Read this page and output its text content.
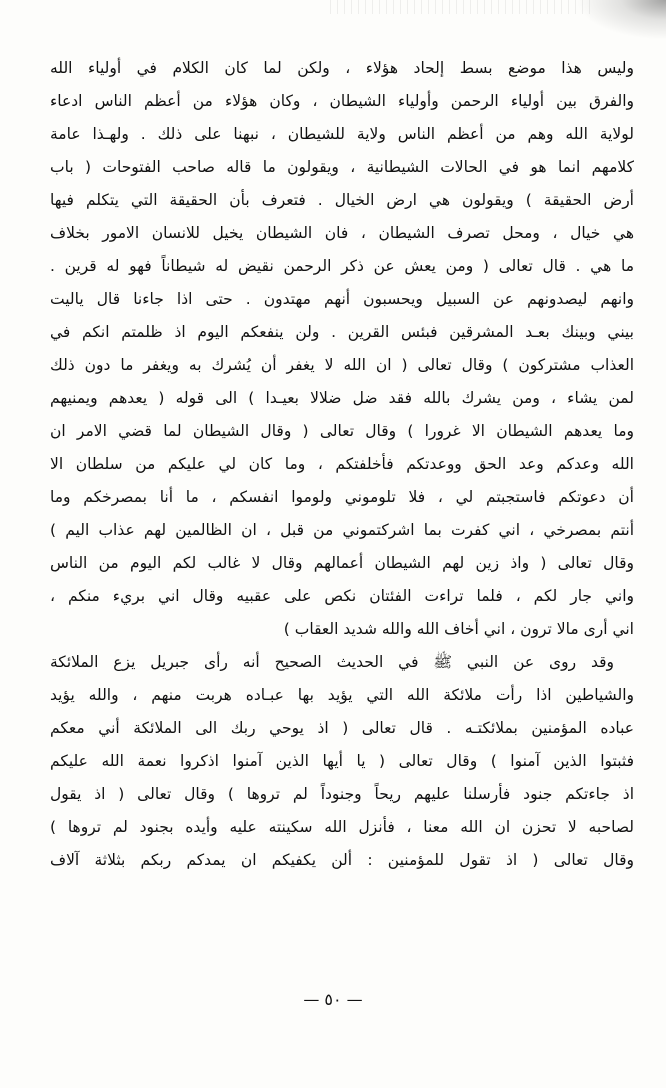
وليس هذا موضع بسط إلحاد هؤلاء ، ولكن لما كان الكلام في أولياء الله
والفرق بين أولياء الرحمن وأولياء الشيطان ، وكان هؤلاء من أعظم الناس ادعاء
لولاية الله وهم من أعظم الناس ولاية للشيطان ، نبهنا على ذلك . ولهـذا عامة
كلامهم انما هو في الحالات الشيطانية ، ويقولون ما قاله صاحب الفتوحات ( باب
أرض الحقيقة ) ويقولون هي ارض الخيال . فتعرف بأن الحقيقة التي يتكلم فيها
هي خيال ، ومحل تصرف الشيطان ، فان الشيطان يخيل للانسان الامور بخلاف
ما هي . قال تعالى ( ومن يعش عن ذكر الرحمن نقيض له شيطاناً فهو له قرين .
وانهم ليصدونهم عن السبيل ويحسبون أنهم مهتدون . حتى اذا جاءنا قال ياليت
بيني وبينك بعـد المشرقين فبئس القرين . ولن ينفعكم اليوم اذ ظلمتم انكم في
العذاب مشتركون ) وقال تعالى ( ان الله لا يغفر أن يُشرك به ويغفر ما دون ذلك
لمن يشاء ، ومن يشرك بالله فقد ضل ضلالا بعيـدا ) الى قوله ( يعدهم ويمنيهم
وما يعدهم الشيطان الا غرورا ) وقال تعالى ( وقال الشيطان لما قضي الامر ان
الله وعدكم وعد الحق ووعدتكم فأخلفتكم ، وما كان لي عليكم من سلطان الا
أن دعوتكم فاستجبتم لي ، فلا تلوموني ولوموا انفسكم ، ما أنا بمصرخكم وما
أنتم بمصرخي ، اني كفرت بما اشركتموني من قبل ، ان الظالمين لهم عذاب اليم )
وقال تعالى ( واذ زين لهم الشيطان أعمالهم وقال لا غالب لكم اليوم من الناس
واني جار لكم ، فلما تراءت الفئتان نكص على عقبيه وقال اني بريء منكم ،
اني أرى مالا ترون ، اني أخاف الله والله شديد العقاب )
وقد روى عن النبي ﷺ في الحديث الصحيح أنه رأى جبريل يزع الملائكة
والشياطين اذا رأت ملائكة الله التي يؤيد بها عبـاده هربت منهم ، والله يؤيد
عباده المؤمنين بملائكتـه . قال تعالى ( اذ يوحي ربك الى الملائكة أني معكم
فثبتوا الذين آمنوا ) وقال تعالى ( يا أيها الذين آمنوا اذكروا نعمة الله عليكم
اذ جاءتكم جنود فأرسلنا عليهم ريحاً وجنوداً لم تروها ) وقال تعالى ( اذ يقول
لصاحبه لا تحزن ان الله معنا ، فأنزل الله سكينته عليه وأيده بجنود لم تروها )
وقال تعالى ( اذ تقول للمؤمنين : ألن يكفيكم ان يمدكم ربكم بثلاثة آلاف
— ٥٠ —
